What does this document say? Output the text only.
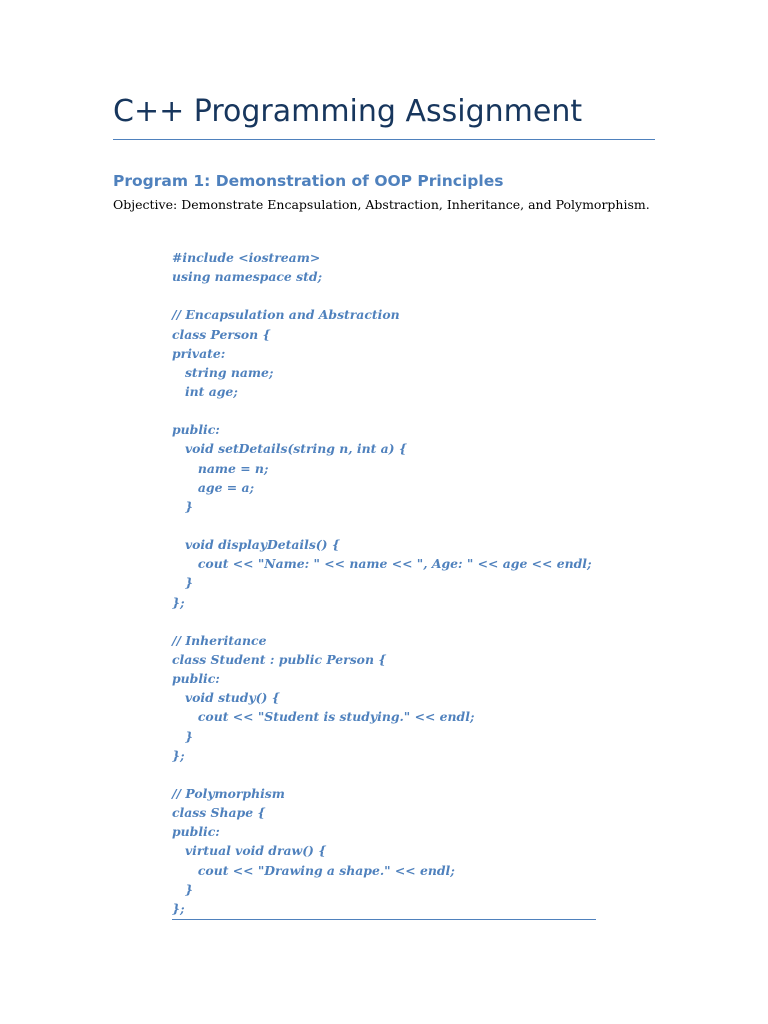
C++ Programming Assignment
Program 1: Demonstration of OOP Principles

Objective: Demonstrate Encapsulation, Abstraction, Inheritance, and Polymorphism.

#include <iostream>
using namespace std;
// Encapsulation and Abstraction
class Person {
private:
string name;
int age;
public:
void setDetails(string n, int a) {
name = n;
age = a;
}
void displayDetails() {
cout << "Name: " << name << ", Age: " << age << endl;
}
};
// Inheritance
class Student : public Person {
public:
void study() {
cout << "Student is studying." << endl;
}
};
// Polymorphism
class Shape {
public:
virtual void draw() {
cout << "Drawing a shape." << endl;
}
};
